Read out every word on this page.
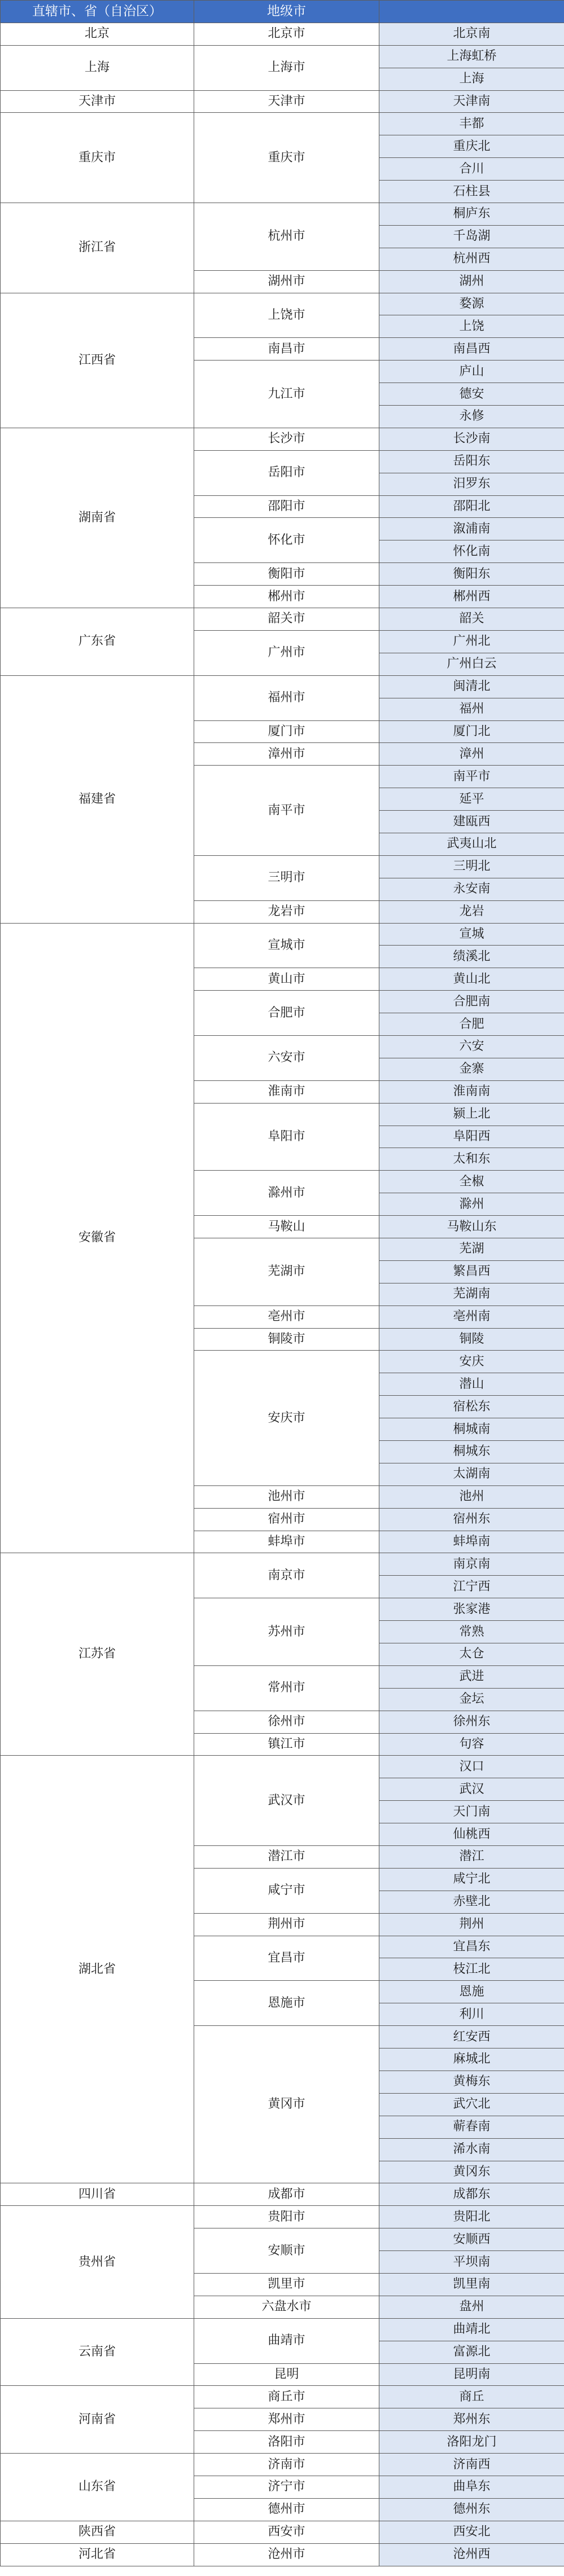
直辖市、省（自治区）	地级市	
北京	北京市	北京南
上海	上海市	上海虹桥
		上海
天津市	天津市	天津南
重庆市	重庆市	丰都
		重庆北
		合川
		石柱县
浙江省	杭州市	桐庐东
		千岛湖
		杭州西
	湖州市	湖州
江西省	上饶市	婺源
		上饶
	南昌市	南昌西
	九江市	庐山
		德安
		永修
湖南省	长沙市	长沙南
	岳阳市	岳阳东
		汨罗东
	邵阳市	邵阳北
	怀化市	溆浦南
		怀化南
	衡阳市	衡阳东
	郴州市	郴州西
广东省	韶关市	韶关
	广州市	广州北
		广州白云
福建省	福州市	闽清北
		福州
	厦门市	厦门北
	漳州市	漳州
	南平市	南平市
		延平
		建瓯西
		武夷山北
	三明市	三明北
		永安南
	龙岩市	龙岩
安徽省	宣城市	宣城
		绩溪北
	黄山市	黄山北
	合肥市	合肥南
		合肥
	六安市	六安
		金寨
	淮南市	淮南南
	阜阳市	颍上北
		阜阳西
		太和东
	滁州市	全椒
		滁州
	马鞍山	马鞍山东
	芜湖市	芜湖
		繁昌西
		芜湖南
	亳州市	亳州南
	铜陵市	铜陵
	安庆市	安庆
		潜山
		宿松东
		桐城南
		桐城东
		太湖南
	池州市	池州
	宿州市	宿州东
	蚌埠市	蚌埠南
江苏省	南京市	南京南
		江宁西
	苏州市	张家港
		常熟
		太仓
	常州市	武进
		金坛
	徐州市	徐州东
	镇江市	句容
湖北省	武汉市	汉口
		武汉
		天门南
		仙桃西
	潜江市	潜江
	咸宁市	咸宁北
		赤壁北
	荆州市	荆州
	宜昌市	宜昌东
		枝江北
	恩施市	恩施
		利川
	黄冈市	红安西
		麻城北
		黄梅东
		武穴北
		蕲春南
		浠水南
		黄冈东
四川省	成都市	成都东
贵州省	贵阳市	贵阳北
	安顺市	安顺西
		平坝南
	凯里市	凯里南
	六盘水市	盘州
云南省	曲靖市	曲靖北
		富源北
	昆明	昆明南
河南省	商丘市	商丘
	郑州市	郑州东
	洛阳市	洛阳龙门
山东省	济南市	济南西
	济宁市	曲阜东
	德州市	德州东
陕西省	西安市	西安北
河北省	沧州市	沧州西
